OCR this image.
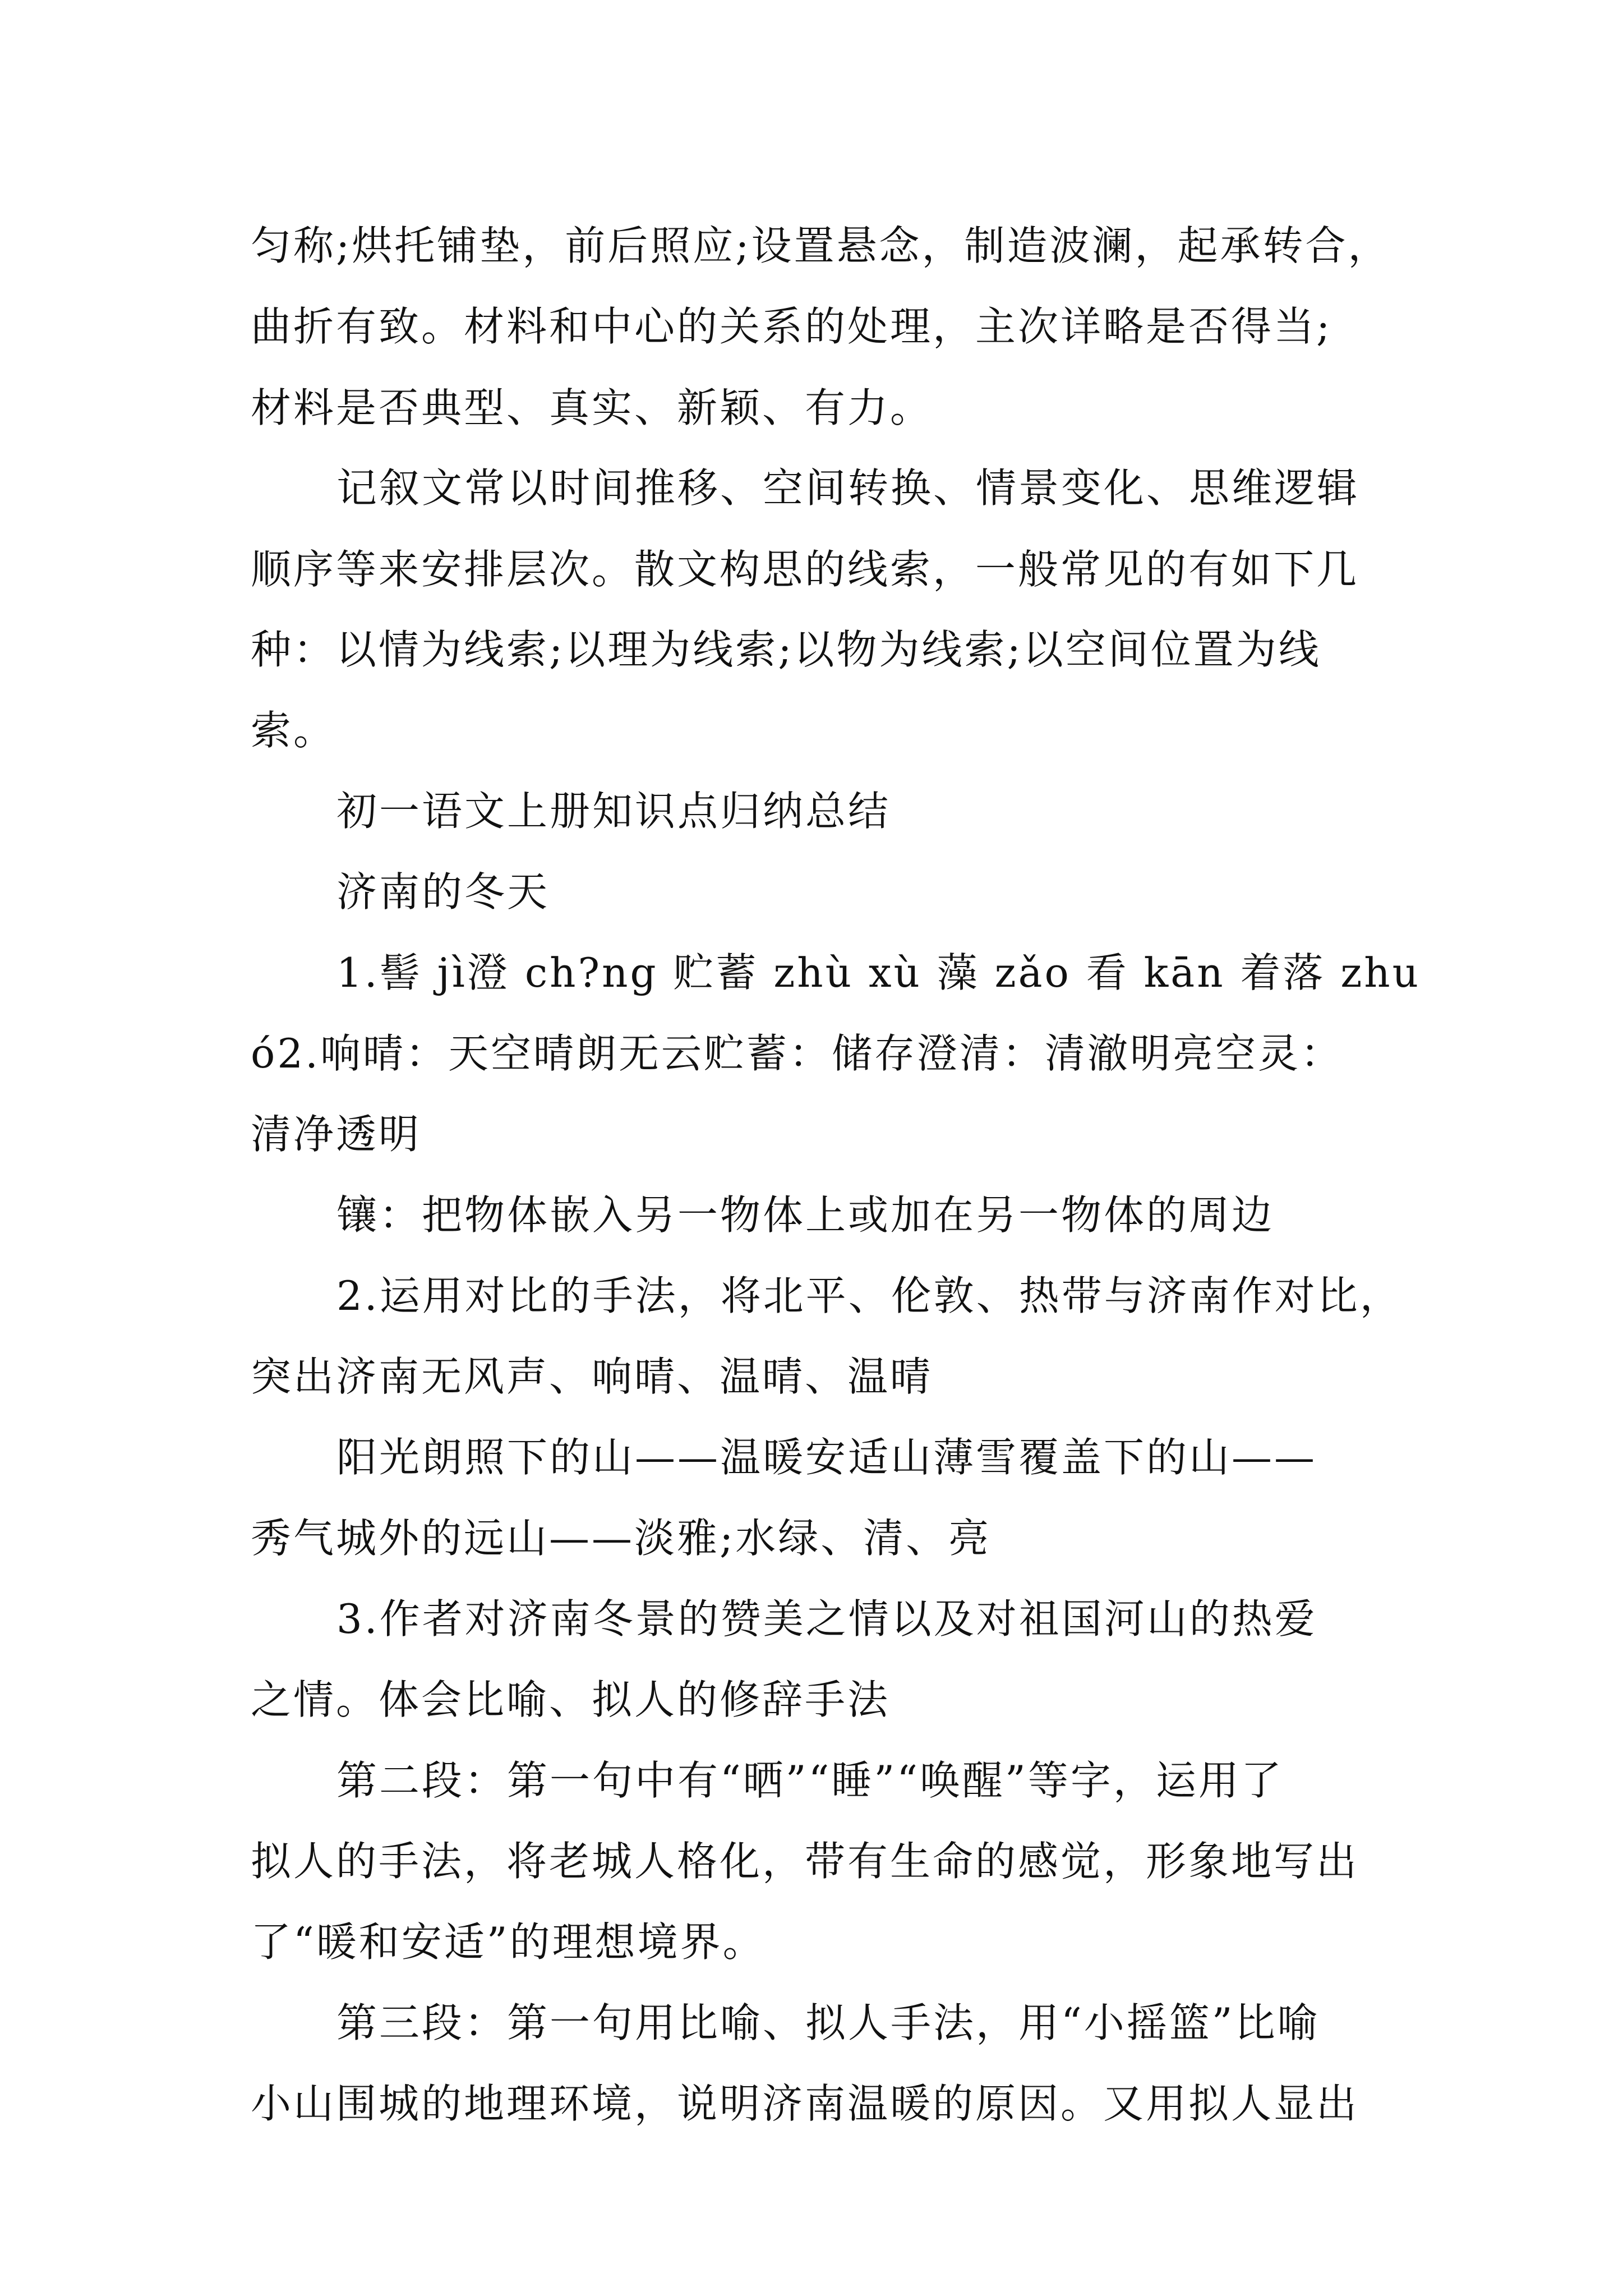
匀称;烘托铺垫，前后照应;设置悬念，制造波澜，起承转合，
曲折有致。材料和中心的关系的处理，主次详略是否得当;
材料是否典型、真实、新颖、有力。
记叙文常以时间推移、空间转换、情景变化、思维逻辑
顺序等来安排层次。散文构思的线索，一般常见的有如下几
种：以情为线索;以理为线索;以物为线索;以空间位置为线
索。
初一语文上册知识点归纳总结
济南的冬天
1.髻 jì澄 ch?ng 贮蓄 zhù xù 藻 zǎo 看 kān 着落 zhu
ó2.响晴：天空晴朗无云贮蓄：储存澄清：清澈明亮空灵：
清净透明
镶：把物体嵌入另一物体上或加在另一物体的周边
2.运用对比的手法，将北平、伦敦、热带与济南作对比，
突出济南无风声、响晴、温晴、温晴
阳光朗照下的山——温暖安适山薄雪覆盖下的山——
秀气城外的远山——淡雅;水绿、清、亮
3.作者对济南冬景的赞美之情以及对祖国河山的热爱
之情。体会比喻、拟人的修辞手法
第二段：第一句中有“晒”“睡”“唤醒”等字，运用了
拟人的手法，将老城人格化，带有生命的感觉，形象地写出
了“暖和安适”的理想境界。
第三段：第一句用比喻、拟人手法，用“小摇篮”比喻
小山围城的地理环境，说明济南温暖的原因。又用拟人显出
